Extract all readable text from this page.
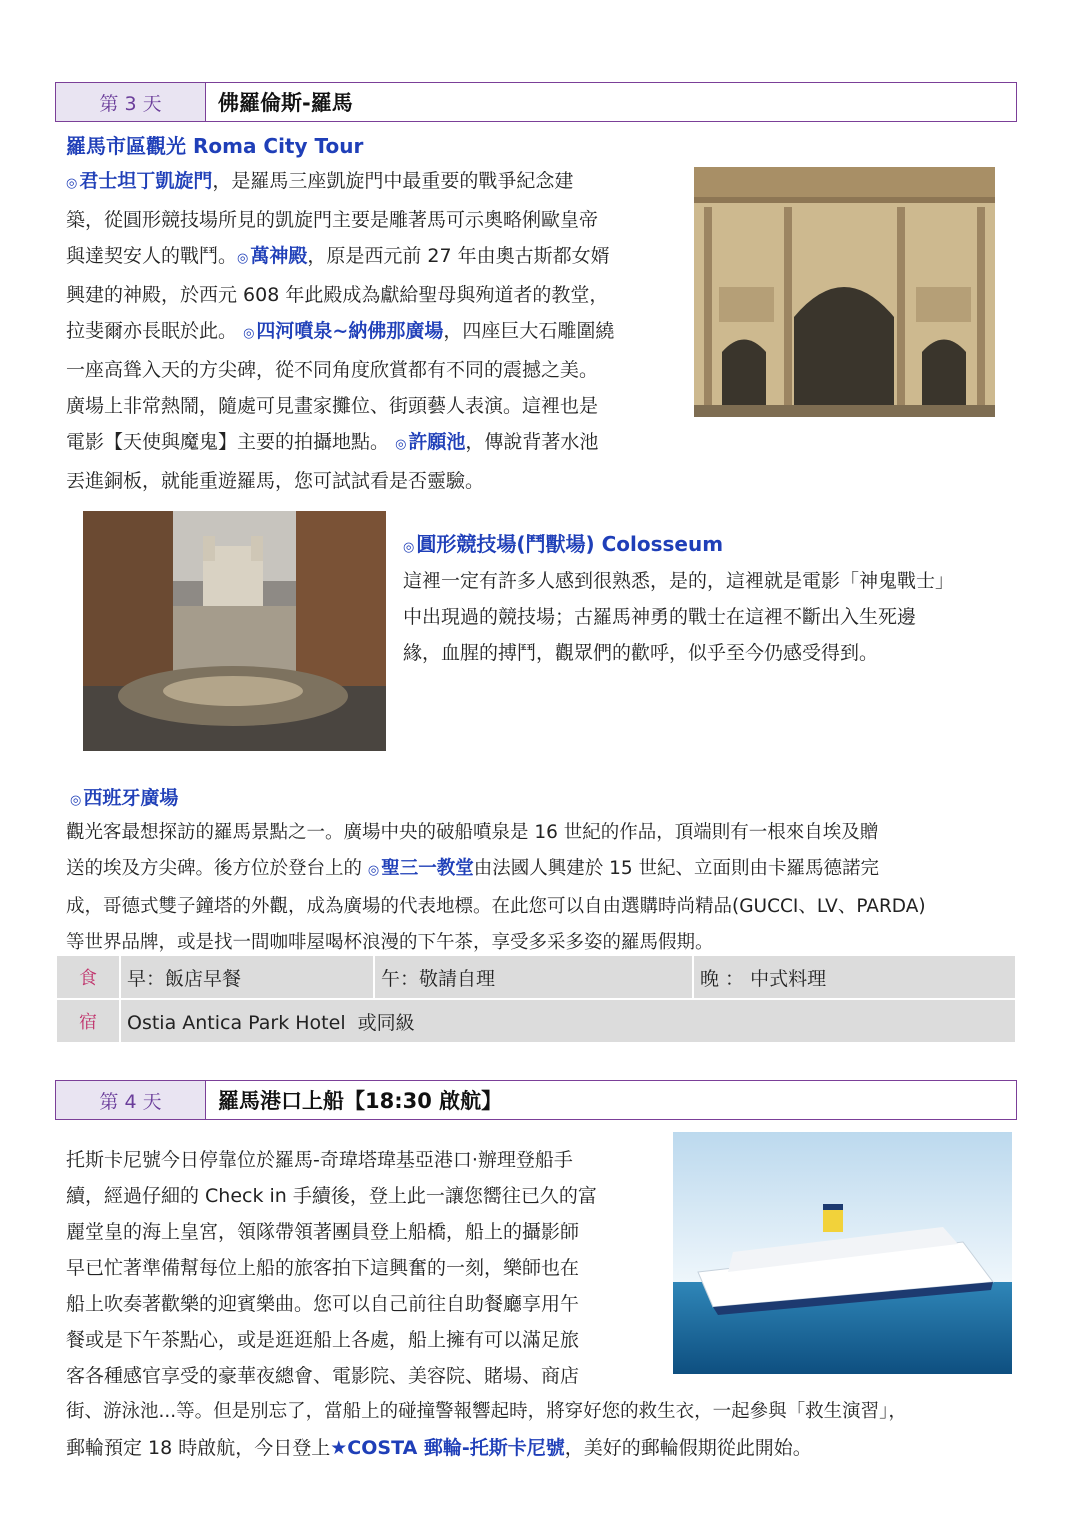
第 3 天	佛羅倫斯-羅馬
羅馬市區觀光 Roma City Tour
◎ 君士坦丁凱旋門，是羅馬三座凱旋門中最重要的戰爭紀念建
築，從圓形競技場所見的凱旋門主要是雕著馬可示奧略俐歐皇帝
與達契安人的戰鬥。◎ 萬神殿，原是西元前 27 年由奧古斯都女婿
興建的神殿，於西元 608 年此殿成為獻給聖母與殉道者的教堂，
拉斐爾亦長眠於此。 ◎ 四河噴泉~納佛那廣場，四座巨大石雕圍繞
一座高聳入天的方尖碑，從不同角度欣賞都有不同的震撼之美。
廣場上非常熱鬧，隨處可見畫家攤位、街頭藝人表演。這裡也是
電影【天使與魔鬼】主要的拍攝地點。 ◎ 許願池，傳說背著水池
丟進銅板，就能重遊羅馬，您可試試看是否靈驗。
◎ 圓形競技場(鬥獸場) Colosseum
這裡一定有許多人感到很熟悉，是的，這裡就是電影「神鬼戰士」
中出現過的競技場；古羅馬神勇的戰士在這裡不斷出入生死邊
緣，血腥的搏鬥，觀眾們的歡呼，似乎至今仍感受得到。
◎ 西班牙廣場
觀光客最想探訪的羅馬景點之一。廣場中央的破船噴泉是 16 世紀的作品，頂端則有一根來自埃及贈
送的埃及方尖碑。後方位於登台上的 ◎ 聖三一教堂由法國人興建於 15 世紀、立面則由卡羅馬德諾完
成，哥德式雙子鐘塔的外觀，成為廣場的代表地標。在此您可以自由選購時尚精品(GUCCI、LV、PARDA)
等世界品牌，或是找一間咖啡屋喝杯浪漫的下午茶，享受多采多姿的羅馬假期。
食	早：飯店早餐	午：敬請自理	晚 ： 中式料理
宿	Ostia Antica Park Hotel  或同級		
第 4 天	羅馬港口上船【18:30 啟航】
托斯卡尼號今日停靠位於羅馬-奇瑋塔瑋基亞港口‧辦理登船手
續，經過仔細的 Check in 手續後，登上此一讓您嚮往已久的富
麗堂皇的海上皇宮，領隊帶領著團員登上船橋，船上的攝影師
早已忙著準備幫每位上船的旅客拍下這興奮的一刻，樂師也在
船上吹奏著歡樂的迎賓樂曲。您可以自己前往自助餐廳享用午
餐或是下午茶點心，或是逛逛船上各處，船上擁有可以滿足旅
客各種感官享受的豪華夜總會、電影院、美容院、賭場、商店
街、游泳池...等。但是別忘了，當船上的碰撞警報響起時，將穿好您的救生衣，一起參與「救生演習」，
郵輪預定 18 時啟航，今日登上★COSTA 郵輪-托斯卡尼號，美好的郵輪假期從此開始。
